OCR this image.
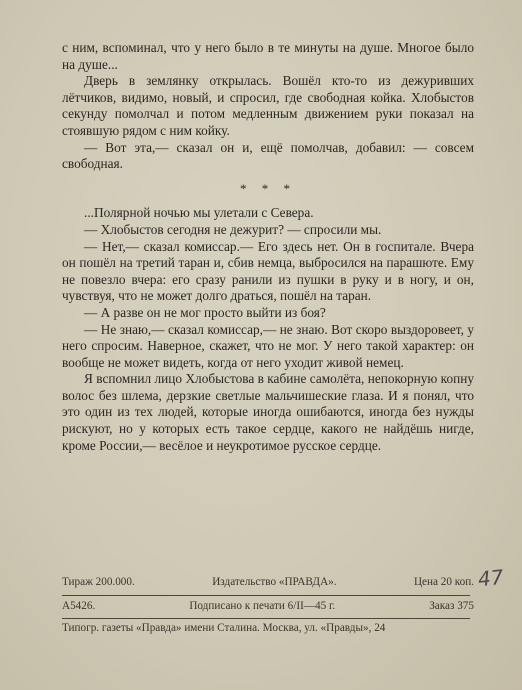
с ним, вспоминал, что у него было в те минуты на душе. Многое было на душе...

Дверь в землянку открылась. Вошёл кто-то из дежуривших лётчиков, видимо, новый, и спросил, где свободная койка. Хлобыстов секунду помолчал и потом медленным движением руки показал на стоявшую рядом с ним койку.

— Вот эта,— сказал он и, ещё помолчав, добавил: — совсем свободная.

* * *

...Полярной ночью мы улетали с Севера.

— Хлобыстов сегодня не дежурит? — спросили мы.

— Нет,— сказал комиссар.— Его здесь нет. Он в госпитале. Вчера он пошёл на третий таран и, сбив немца, выбросился на парашюте. Ему не повезло вчера: его сразу ранили из пушки в руку и в ногу, и он, чувствуя, что не может долго драться, пошёл на таран.

— А разве он не мог просто выйти из боя?

— Не знаю,— сказал комиссар,— не знаю. Вот скоро выздоровеет, у него спросим. Наверное, скажет, что не мог. У него такой характер: он вообще не может видеть, когда от него уходит живой немец.

Я вспомнил лицо Хлобыстова в кабине самолёта, непокорную копну волос без шлема, дерзкие светлые мальчишеские глаза. И я понял, что это один из тех людей, которые иногда ошибаются, иногда без нужды рискуют, но у которых есть такое сердце, какого не найдёшь нигде, кроме России,— весёлое и неукротимое русское сердце.

Тираж 200.000.	Издательство «ПРАВДА».	Цена 20 коп.
А5426.	Подписано к печати 6/II—45 г.	Заказ 375
Типогр. газеты «Правда» имени Сталина. Москва, ул. «Правды», 24
47
